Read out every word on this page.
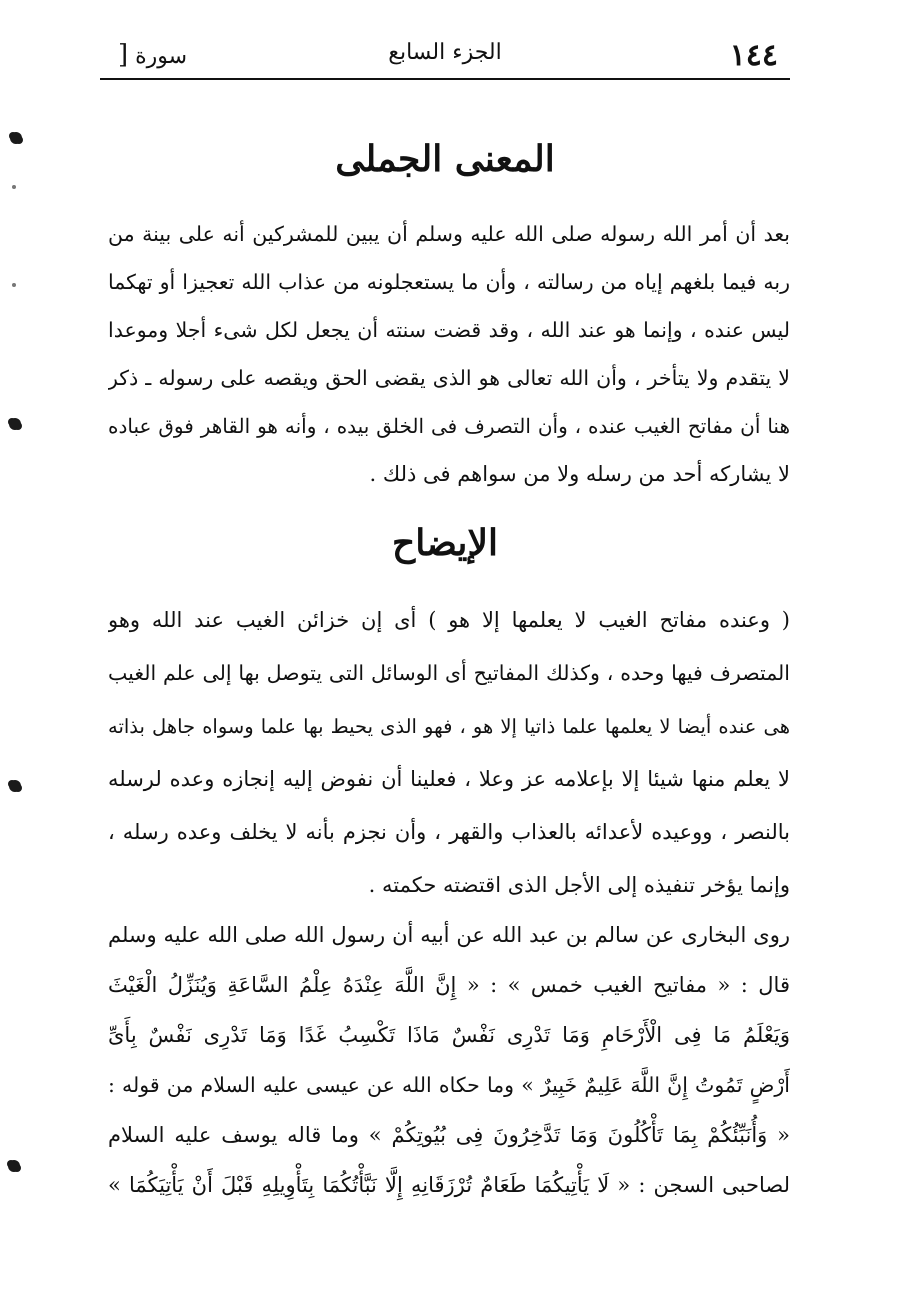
١٤٤
الجزء السابع
سورة [
المعنى الجملى
بعد أن أمر الله رسوله صلى الله عليه وسلم أن يبين للمشركين أنه على بينة من
ربه فيما بلغهم إياه من رسالته ، وأن ما يستعجلونه من عذاب الله تعجيزا أو تهكما
ليس عنده ، وإنما هو عند الله ، وقد قضت سنته أن يجعل لكل شىء أجلا وموعدا
لا يتقدم ولا يتأخر ، وأن الله تعالى هو الذى يقضى الحق ويقصه على رسوله ـ ذكر
هنا أن مفاتح الغيب عنده ، وأن التصرف فى الخلق بيده ، وأنه هو القاهر فوق عباده
لا يشاركه أحد من رسله ولا من سواهم فى ذلك .
الإيضاح
( وعنده مفاتح الغيب لا يعلمها إلا هو ) أى إن خزائن الغيب عند الله وهو
المتصرف فيها وحده ، وكذلك المفاتيح أى الوسائل التى يتوصل بها إلى علم الغيب
هى عنده أيضا لا يعلمها علما ذاتيا إلا هو ، فهو الذى يحيط بها علما وسواه جاهل بذاته
لا يعلم منها شيئا إلا بإعلامه عز وعلا ، فعلينا أن نفوض إليه إنجازه وعده لرسله
بالنصر ، ووعيده لأعدائه بالعذاب والقهر ، وأن نجزم بأنه لا يخلف وعده رسله ،
وإنما يؤخر تنفيذه إلى الأجل الذى اقتضته حكمته .
روى البخارى عن سالم بن عبد الله عن أبيه أن رسول الله صلى الله عليه وسلم
قال : « مفاتيح الغيب خمس » : « إِنَّ اللَّهَ عِنْدَهُ عِلْمُ السَّاعَةِ وَيُنَزِّلُ الْغَيْثَ
وَيَعْلَمُ مَا فِى الْأَرْحَامِ وَمَا تَدْرِى نَفْسٌ مَاذَا تَكْسِبُ غَدًا وَمَا تَدْرِى نَفْسٌ بِأَىِّ
أَرْضٍ تَمُوتُ إِنَّ اللَّهَ عَلِيمٌ خَبِيرٌ » وما حكاه الله عن عيسى عليه السلام من قوله :
« وَأُنَبِّئُكُمْ بِمَا تَأْكُلُونَ وَمَا تَدَّخِرُونَ فِى بُيُوتِكُمْ » وما قاله يوسف عليه السلام
لصاحبى السجن : « لَا يَأْتِيكُمَا طَعَامٌ تُرْزَقَانِهِ إِلَّا نَبَّأْتُكُمَا بِتَأْوِيلِهِ قَبْلَ أَنْ يَأْتِيَكُمَا »
